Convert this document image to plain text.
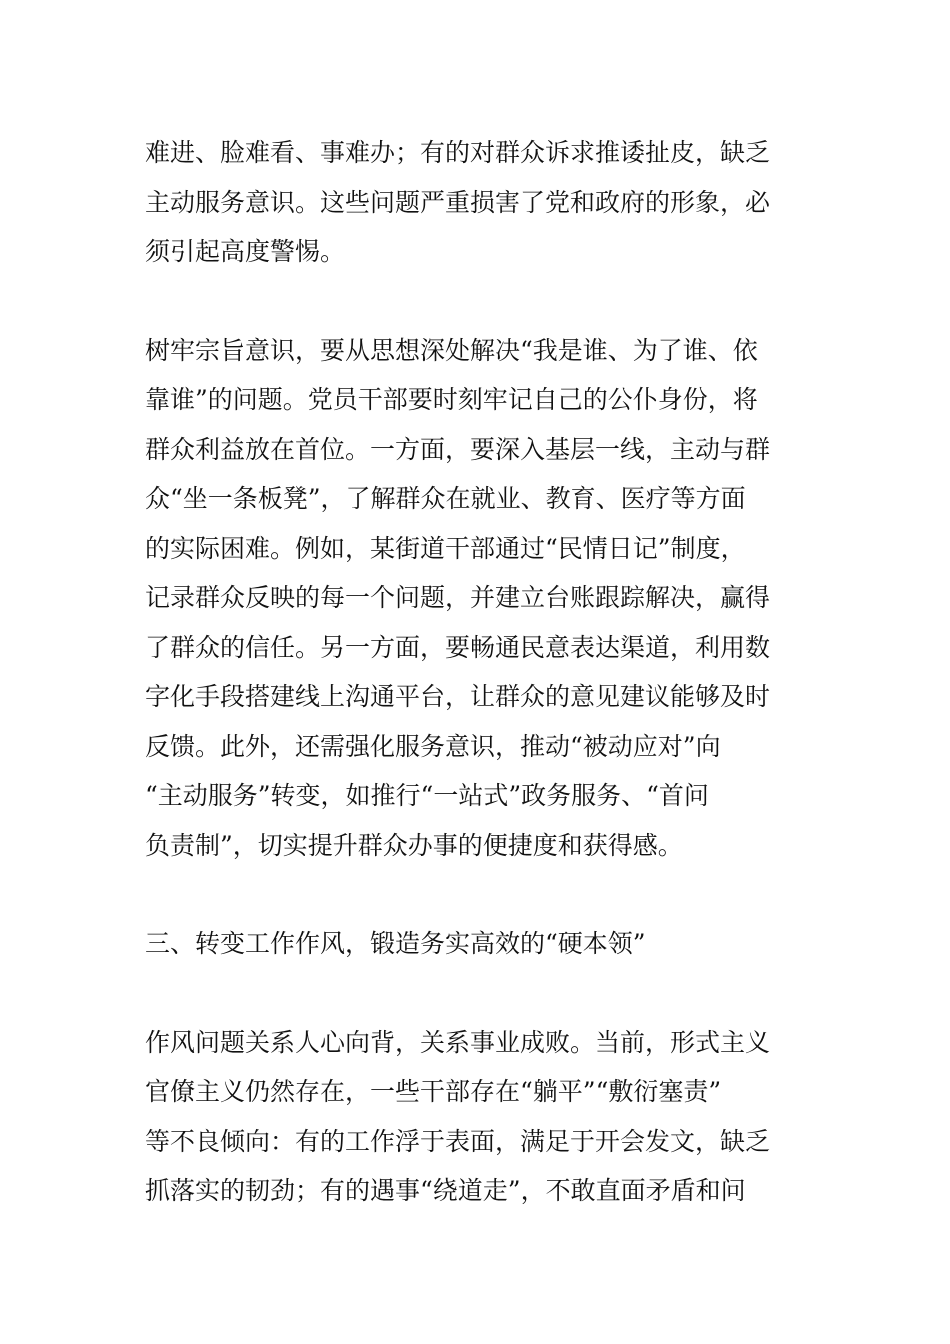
难进、脸难看、事难办；有的对群众诉求推诿扯皮，缺乏
主动服务意识。这些问题严重损害了党和政府的形象，必
须引起高度警惕。

树牢宗旨意识，要从思想深处解决“我是谁、为了谁、依
靠谁”的问题。党员干部要时刻牢记自己的公仆身份，将
群众利益放在首位。一方面，要深入基层一线，主动与群
众“坐一条板凳”，了解群众在就业、教育、医疗等方面
的实际困难。例如，某街道干部通过“民情日记”制度，
记录群众反映的每一个问题，并建立台账跟踪解决，赢得
了群众的信任。另一方面，要畅通民意表达渠道，利用数
字化手段搭建线上沟通平台，让群众的意见建议能够及时
反馈。此外，还需强化服务意识，推动“被动应对”向
“主动服务”转变，如推行“一站式”政务服务、“首问
负责制”，切实提升群众办事的便捷度和获得感。

三、转变工作作风，锻造务实高效的“硬本领”

作风问题关系人心向背，关系事业成败。当前，形式主义
官僚主义仍然存在，一些干部存在“躺平”“敷衍塞责”
等不良倾向：有的工作浮于表面，满足于开会发文，缺乏
抓落实的韧劲；有的遇事“绕道走”，不敢直面矛盾和问
